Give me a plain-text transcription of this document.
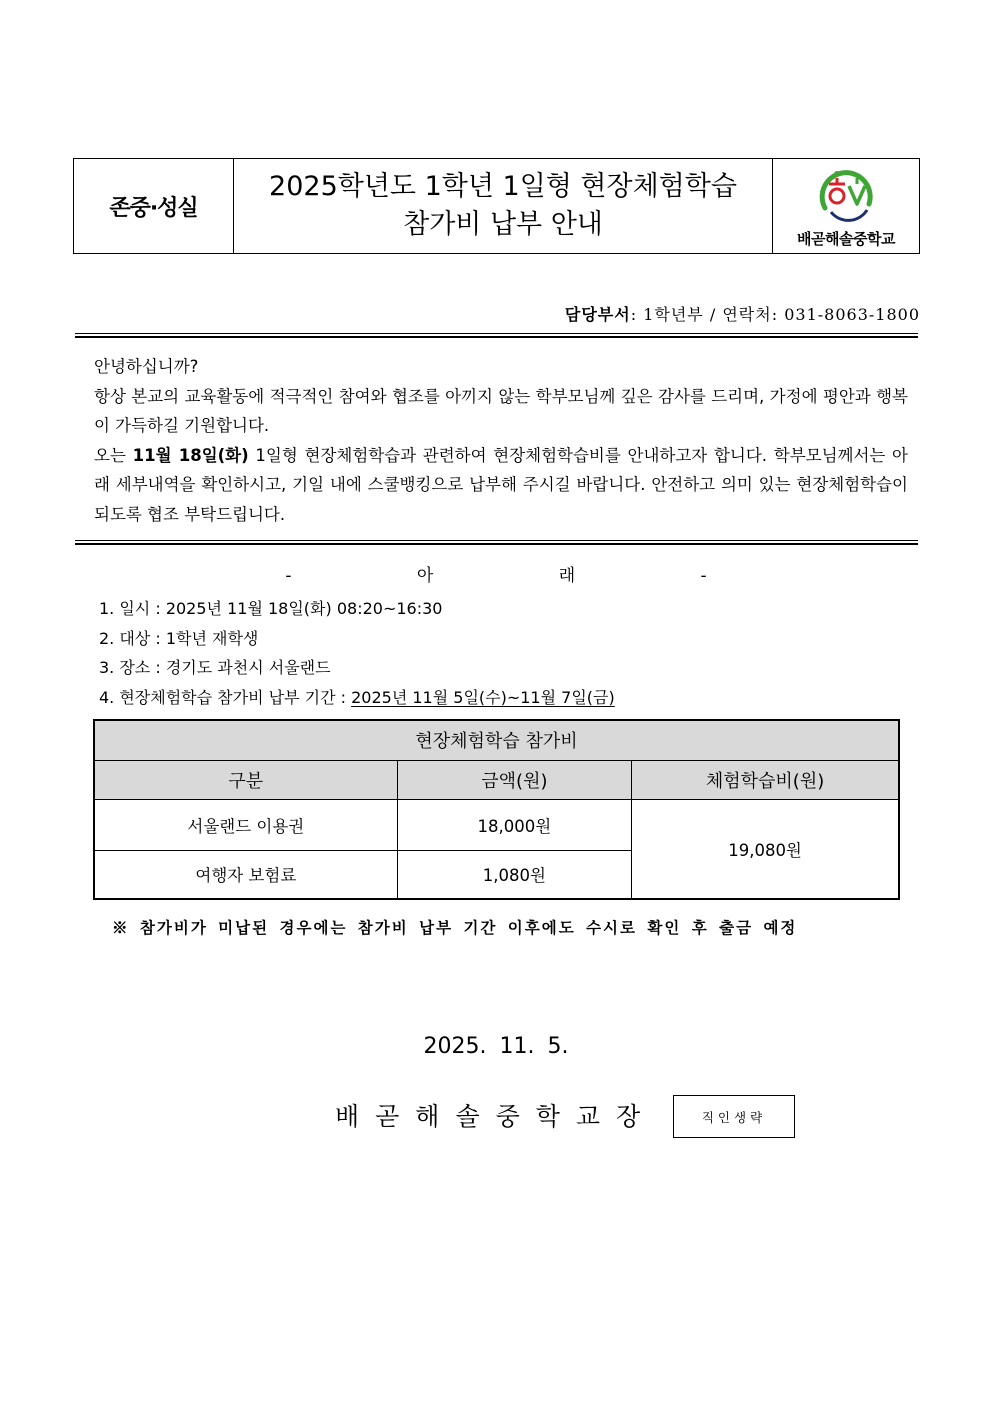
존중·성실
2025학년도 1학년 1일형 현장체험학습
참가비 납부 안내	배곧해솔중학교
담당부서: 1학년부 / 연락처: 031-8063-1800

안녕하십니까?

항상 본교의 교육활동에 적극적인 참여와 협조를 아끼지 않는 학부모님께 깊은 감사를 드리며, 가정에 평안과 행복이 가득하길 기원합니다.

오는 11월 18일(화) 1일형 현장체험학습과 관련하여 현장체험학습비를 안내하고자 합니다. 학부모님께서는 아래 세부내역을 확인하시고, 기일 내에 스쿨뱅킹으로 납부해 주시길 바랍니다. 안전하고 의미 있는 현장체험학습이 되도록 협조 부탁드립니다.

- 아 래 -
1. 일시 : 2025년 11월 18일(화) 08:20~16:30
2. 대상 : 1학년 재학생
3. 장소 : 경기도 과천시 서울랜드
4. 현장체험학습 참가비 납부 기간 : 2025년 11월 5일(수)~11월 7일(금)
현장체험학습 참가비		
구분	금액(원)	체험학습비(원)
서울랜드 이용권	18,000원	19,080원
여행자 보험료	1,080원	
※ 참가비가 미납된 경우에는 참가비 납부 기간 이후에도 수시로 확인 후 출금 예정
2025. 11. 5.
배곧해솔중학교장	직인생략
